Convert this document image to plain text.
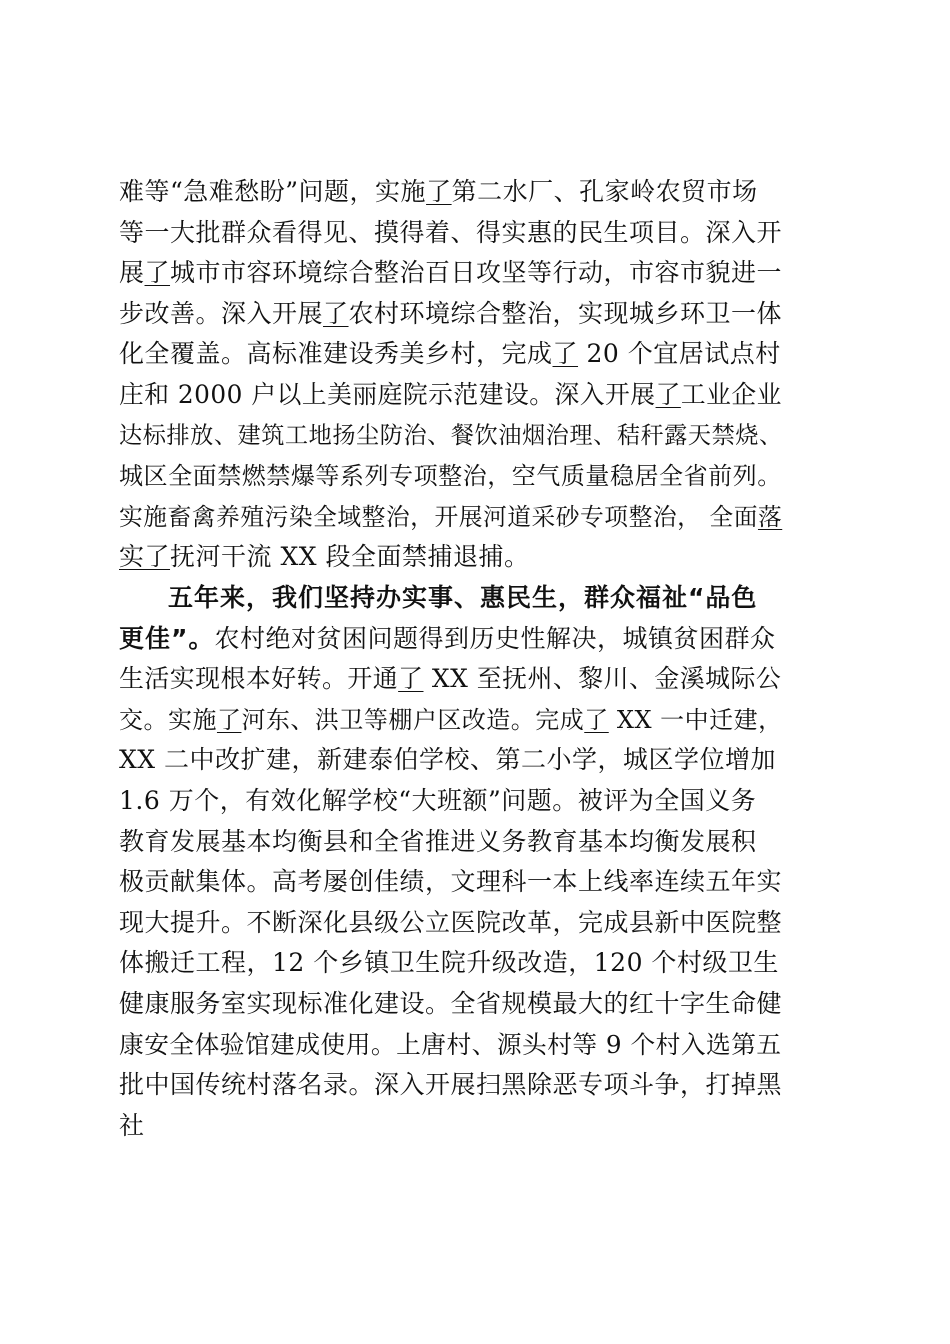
难等“急难愁盼”问题，实施了第二水厂、孔家岭农贸市场
等一大批群众看得见、摸得着、得实惠的民生项目。深入开
展了城市市容环境综合整治百日攻坚等行动，市容市貌进一
步改善。深入开展了农村环境综合整治，实现城乡环卫一体
化全覆盖。高标准建设秀美乡村，完成了 20 个宜居试点村
庄和 2000 户以上美丽庭院示范建设。深入开展了工业企业
达标排放、建筑工地扬尘防治、餐饮油烟治理、秸秆露天禁烧、
城区全面禁燃禁爆等系列专项整治，空气质量稳居全省前列。
实施畜禽养殖污染全域整治，开展河道采砂专项整治， 全面落
实了抚河干流 XX 段全面禁捕退捕。
五年来，我们坚持办实事、惠民生，群众福祉“品色
更佳”。农村绝对贫困问题得到历史性解决，城镇贫困群众
生活实现根本好转。开通了 XX 至抚州、黎川、金溪城际公
交。实施了河东、洪卫等棚户区改造。完成了 XX 一中迁建，
XX 二中改扩建，新建泰伯学校、第二小学，城区学位增加
1.6 万个，有效化解学校“大班额”问题。被评为全国义务
教育发展基本均衡县和全省推进义务教育基本均衡发展积
极贡献集体。高考屡创佳绩，文理科一本上线率连续五年实
现大提升。不断深化县级公立医院改革，完成县新中医院整
体搬迁工程，12 个乡镇卫生院升级改造，120 个村级卫生
健康服务室实现标准化建设。全省规模最大的红十字生命健
康安全体验馆建成使用。上唐村、源头村等 9 个村入选第五
批中国传统村落名录。深入开展扫黑除恶专项斗争，打掉黑
社
